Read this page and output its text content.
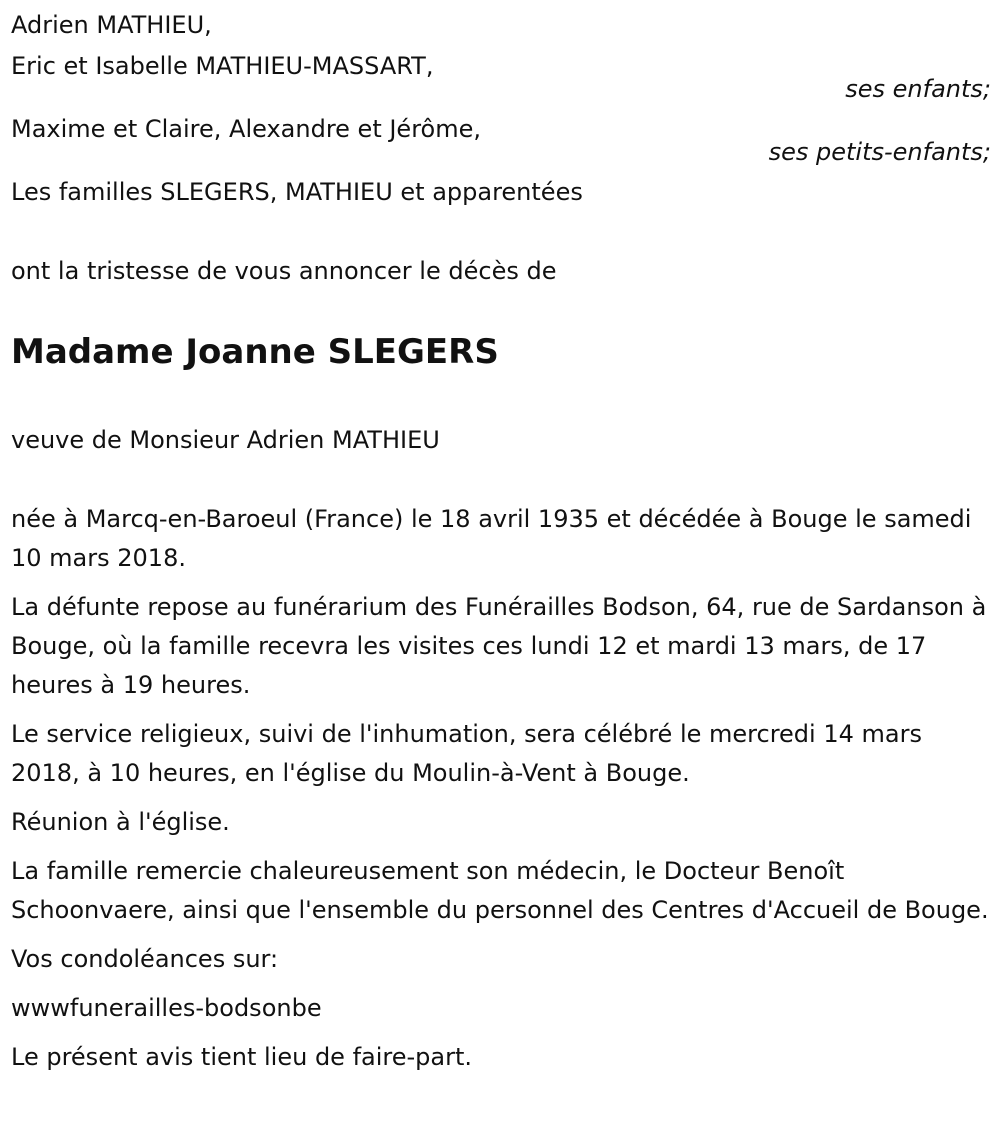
Adrien MATHIEU,

Eric et Isabelle MATHIEU-MASSART,

ses enfants;

Maxime et Claire, Alexandre et Jérôme,

ses petits-enfants;

Les familles SLEGERS, MATHIEU et apparentées

ont la tristesse de vous annoncer le décès de

Madame Joanne SLEGERS

veuve de Monsieur Adrien MATHIEU

née à Marcq-en-Baroeul (France) le 18 avril 1935 et décédée à Bouge le samedi 10 mars 2018.

La défunte repose au funérarium des Funérailles Bodson, 64, rue de Sardanson à Bouge, où la famille recevra les visites ces lundi 12 et mardi 13 mars, de 17 heures à 19 heures.

Le service religieux, suivi de l'inhumation, sera célébré le mercredi 14 mars 2018, à 10 heures, en l'église du Moulin-à-Vent à Bouge.

Réunion à l'église.

La famille remercie chaleureusement son médecin, le Docteur Benoît Schoonvaere, ainsi que l'ensemble du personnel des Centres d'Accueil de Bouge.

Vos condoléances sur:

wwwfunerailles-bodsonbe

Le présent avis tient lieu de faire-part.
